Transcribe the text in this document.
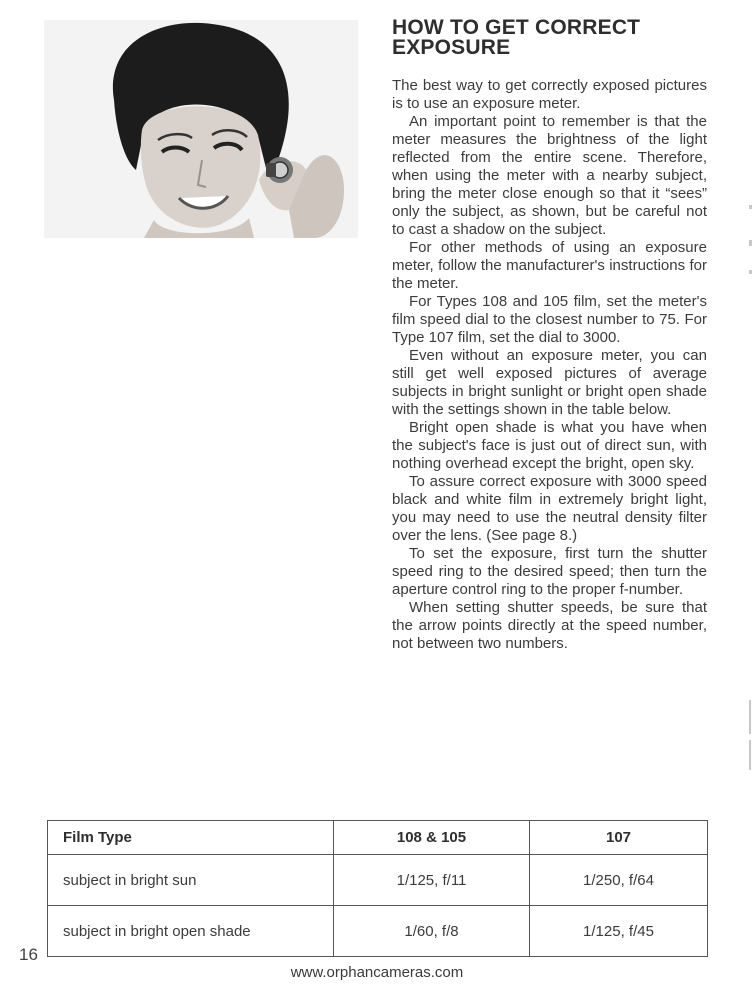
HOW TO GET CORRECT EXPOSURE

The best way to get correctly exposed pictures is to use an exposure meter.

An important point to remember is that the meter measures the brightness of the light reflected from the entire scene. Therefore, when using the meter with a nearby subject, bring the meter close enough so that it “sees” only the subject, as shown, but be careful not to cast a shadow on the subject.

For other methods of using an exposure meter, follow the manufacturer's instructions for the meter.

For Types 108 and 105 film, set the meter's film speed dial to the closest number to 75. For Type 107 film, set the dial to 3000.

Even without an exposure meter, you can still get well exposed pictures of average subjects in bright sunlight or bright open shade with the settings shown in the table below.

Bright open shade is what you have when the subject's face is just out of direct sun, with nothing overhead except the bright, open sky.

To assure correct exposure with 3000 speed black and white film in extremely bright light, you may need to use the neutral density filter over the lens. (See page 8.)

To set the exposure, first turn the shutter speed ring to the desired speed; then turn the aperture control ring to the proper f-number.

When setting shutter speeds, be sure that the arrow points directly at the speed number, not between two numbers.

Film Type	108 & 105	107
subject in bright sun	1/125, f/11	1/250, f/64
subject in bright open shade	1/60, f/8	1/125, f/45
16
www.orphancameras.com
